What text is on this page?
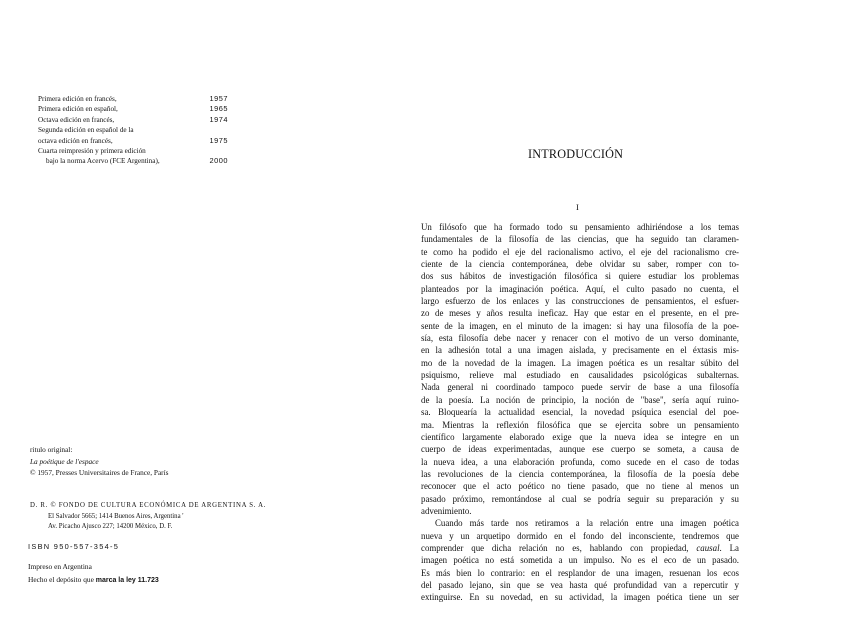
Primera edición en francés,	1957
Primera edición en español,	1965
Octava edición en francés,	1974
Segunda edición en español de la
octava edición en francés,	1975
Cuarta reimpresión y primera edición
bajo la norma Acervo (FCE Argentina),	2000
ritulo original:
La poétique de l'espace
© 1957, Presses Universitaires de France, París
D. R. © FONDO DE CULTURA ECONÓMICA DE ARGENTINA S. A.
El Salvador 5665; 1414 Buenos Aires, Argentina '
Av. Picacho Ajusco 227; 14200 México, D. F.
ISBN 950-557-354-5
Impreso en Argentina
Hecho el depósito que marca la ley 11.723
INTRODUCCIÓN
I
Un filósofo que ha formado todo su pensamiento adhiriéndose a los temas
fundamentales de la filosofía de las ciencias, que ha seguido tan claramen-
te como ha podido el eje del racionalismo activo, el eje del racionalismo cre-
ciente de la ciencia contemporánea, debe olvidar su saber, romper con to-
dos sus hábitos de investigación filosófica si quiere estudiar los problemas
planteados por la imaginación poética. Aquí, el culto pasado no cuenta, el
largo esfuerzo de los enlaces y las construcciones de pensamientos, el esfuer-
zo de meses y años resulta ineficaz. Hay que estar en el presente, en el pre-
sente de la imagen, en el minuto de la imagen: si hay una filosofía de la poe-
sía, esta filosofía debe nacer y renacer con el motivo de un verso dominante,
en la adhesión total a una imagen aislada, y precisamente en el éxtasis mis-
mo de la novedad de la imagen. La imagen poética es un resaltar súbito del
psiquismo, relieve mal estudiado en causalidades psicológicas subalternas.
Nada general ni coordinado tampoco puede servir de base a una filosofía
de la poesía. La noción de principio, la noción de "base", sería aquí ruino-
sa. Bloquearía la actualidad esencial, la novedad psíquica esencial del poe-
ma. Mientras la reflexión filosófica que se ejercita sobre un pensamiento
científico largamente elaborado exige que la nueva idea se integre en un
cuerpo de ideas experimentadas, aunque ese cuerpo se someta, a causa de
la nueva idea, a una elaboración profunda, como sucede en el caso de todas
las revoluciones de la ciencia contemporánea, la filosofía de la poesía debe
reconocer que el acto poético no tiene pasado, que no tiene al menos un
pasado próximo, remontándose al cual se podría seguir su preparación y su
advenimiento.
Cuando más tarde nos retiramos a la relación entre una imagen poética
nueva y un arquetipo dormido en el fondo del inconsciente, tendremos que
comprender que dicha relación no es, hablando con propiedad, causal. La
imagen poética no está sometida a un impulso. No es el eco de un pasado.
Es más bien lo contrario: en el resplandor de una imagen, resuenan los ecos
del pasado lejano, sin que se vea hasta qué profundidad van a repercutir y
extinguirse. En su novedad, en su actividad, la imagen poética tiene un ser
